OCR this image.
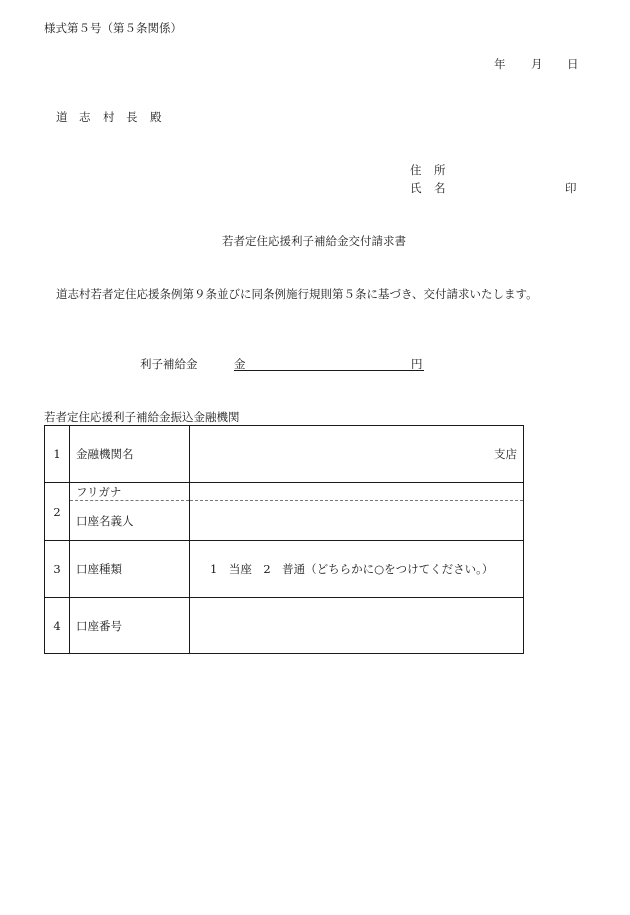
様式第５号（第５条関係）
年 月 日
道 志 村 長 殿
住 所
氏 名	印
若者定住応援利子補給金交付請求書
道志村若者定住応援条例第９条並びに同条例施行規則第５条に基づき、交付請求いたします。
利子補給金	金	円
若者定住応援利子補給金振込金融機関
1	金融機関名	支店
2	フリガナ	
	口座名義人	
3	口座種類	1　当座　2　普通（どちらかに○をつけてください。）
4	口座番号	
